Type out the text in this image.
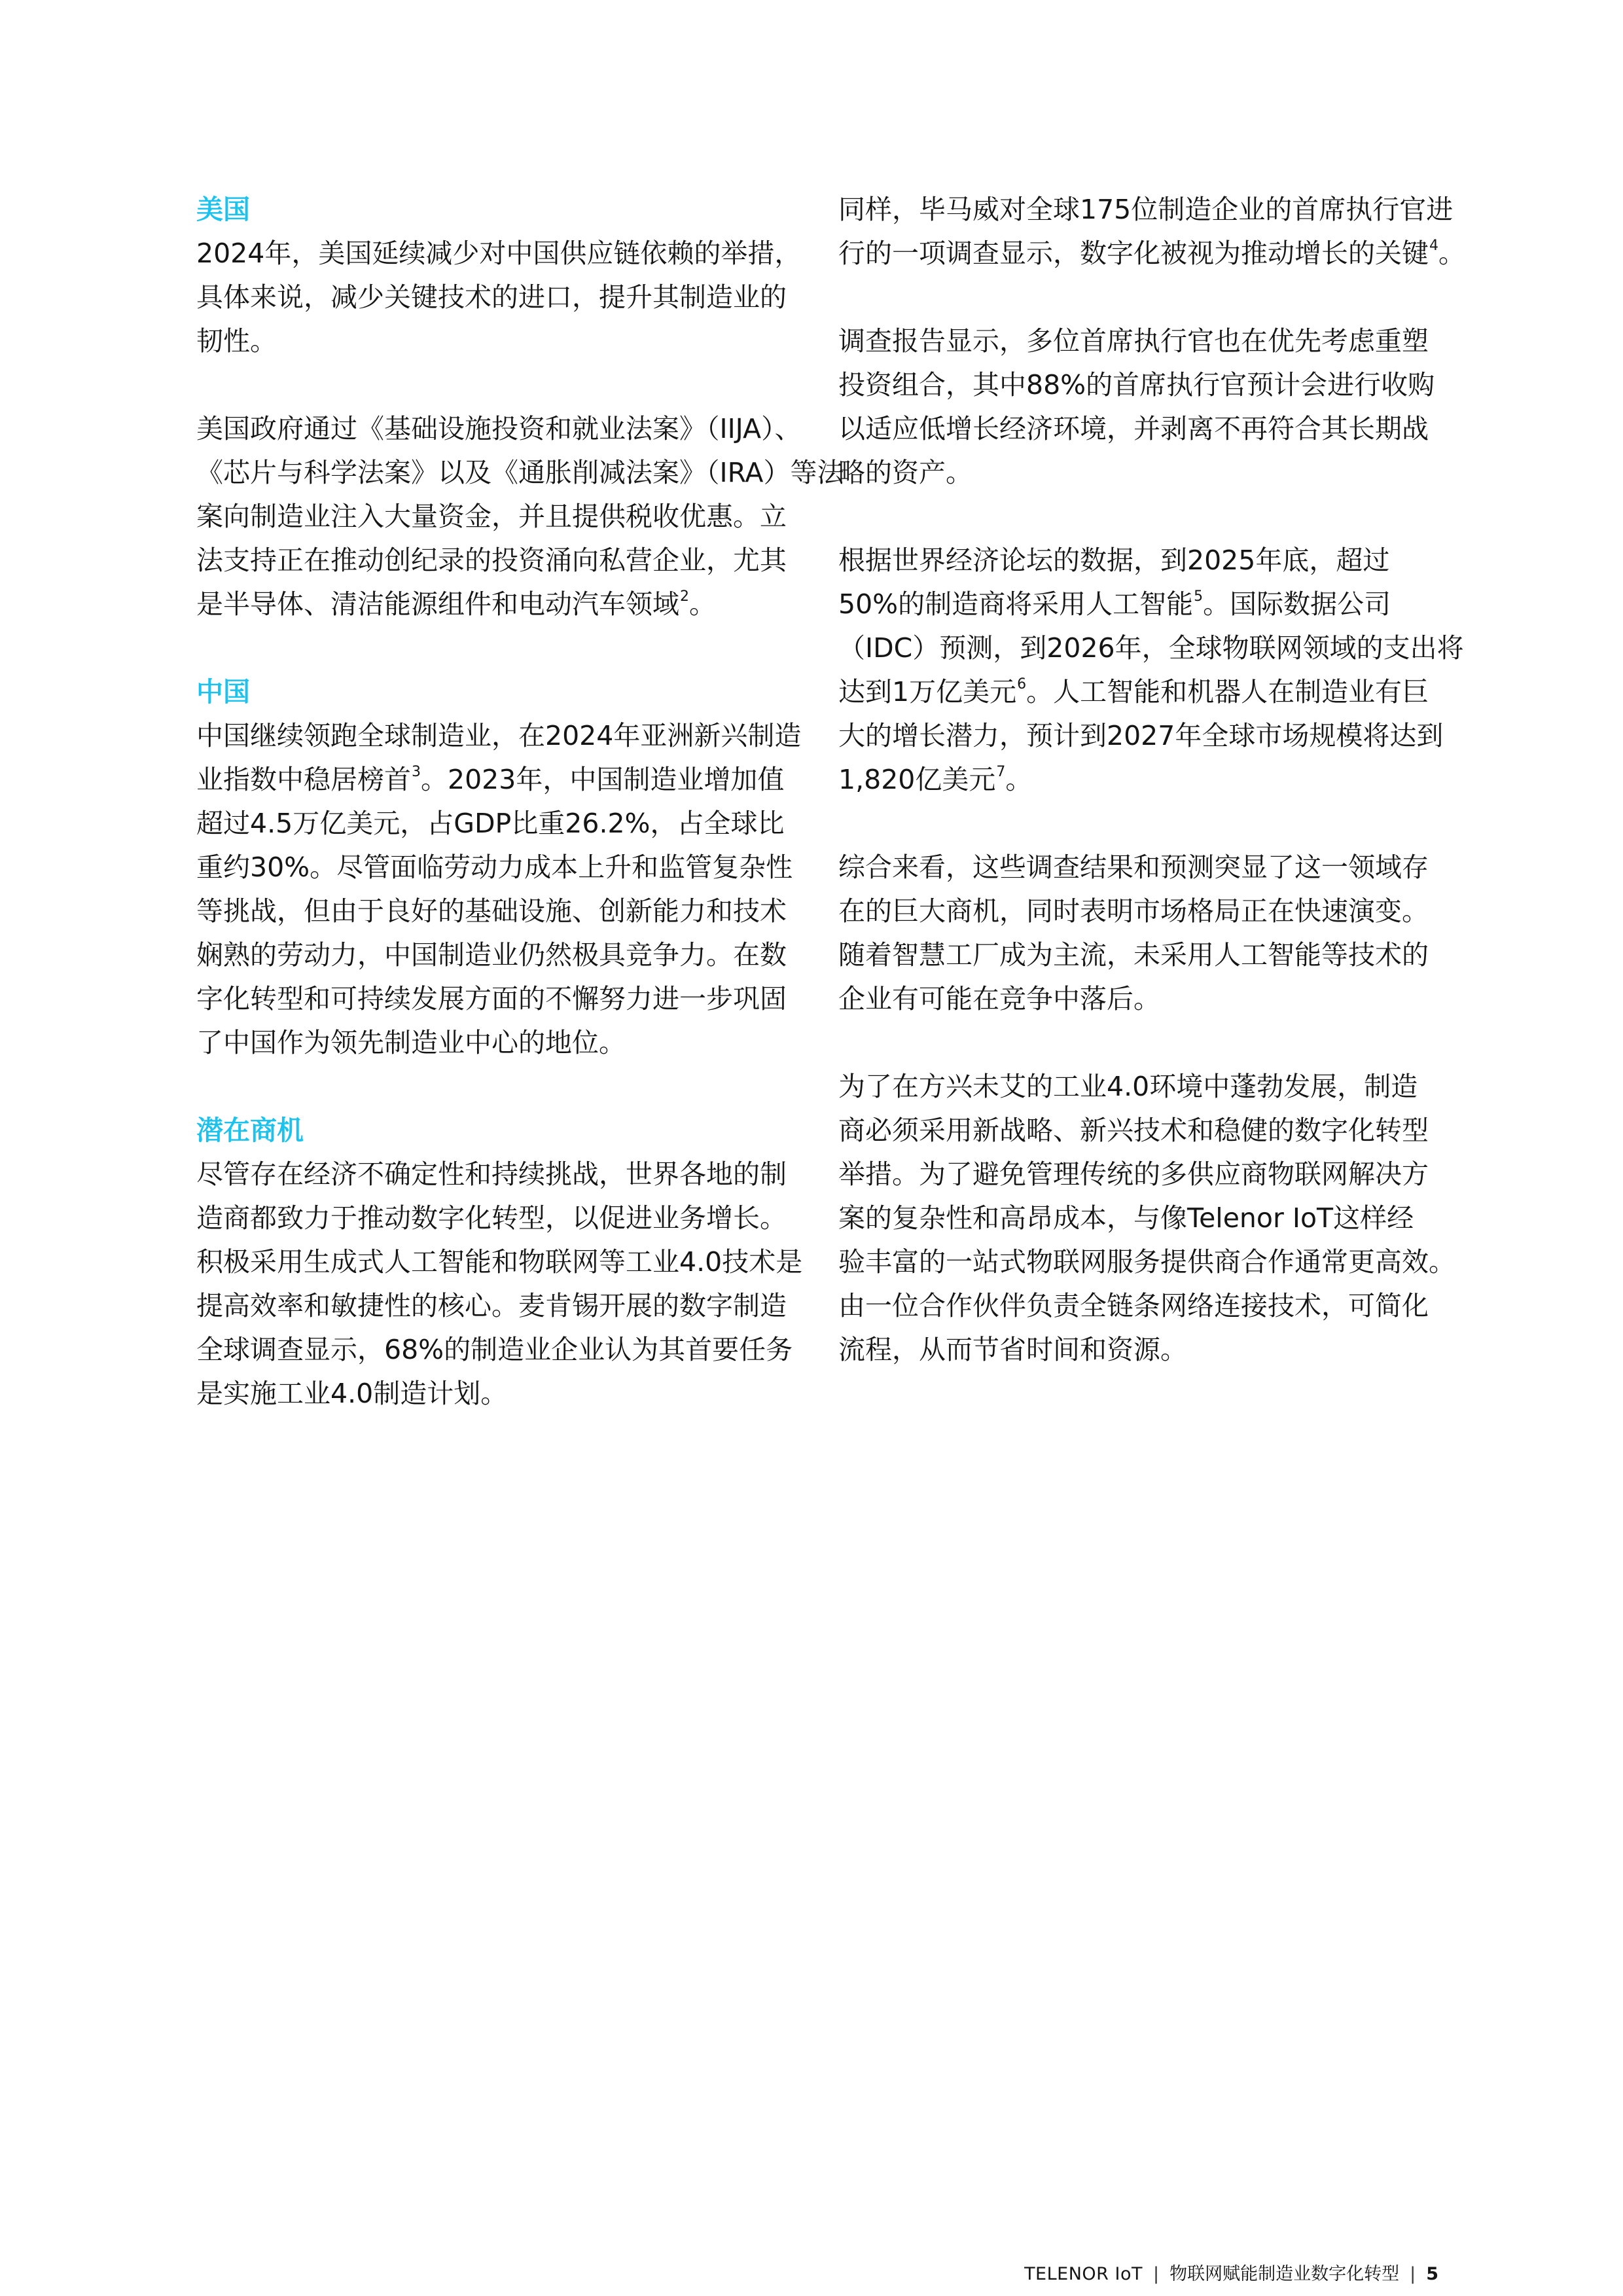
美国

2024年，美国延续减少对中国供应链依赖的举措，
具体来说，减少关键技术的进口，提升其制造业的
韧性。

美国政府通过《基础设施投资和就业法案》（IIJA）、
《芯片与科学法案》以及《通胀削减法案》（IRA）等法
案向制造业注入大量资金，并且提供税收优惠。立
法支持正在推动创纪录的投资涌向私营企业，尤其
是半导体、清洁能源组件和电动汽车领域$^2$。

中国

中国继续领跑全球制造业，在2024年亚洲新兴制造
业指数中稳居榜首$^3$。2023年，中国制造业增加值
超过4.5万亿美元，占GDP比重26.2%，占全球比
重约30%。尽管面临劳动力成本上升和监管复杂性
等挑战，但由于良好的基础设施、创新能力和技术
娴熟的劳动力，中国制造业仍然极具竞争力。在数
字化转型和可持续发展方面的不懈努力进一步巩固
了中国作为领先制造业中心的地位。

潜在商机

尽管存在经济不确定性和持续挑战，世界各地的制
造商都致力于推动数字化转型，以促进业务增长。
积极采用生成式人工智能和物联网等工业4.0技术是
提高效率和敏捷性的核心。麦肯锡开展的数字制造
全球调查显示，68%的制造业企业认为其首要任务
是实施工业4.0制造计划。

同样，毕马威对全球175位制造企业的首席执行官进
行的一项调查显示，数字化被视为推动增长的关键$^4$。

调查报告显示，多位首席执行官也在优先考虑重塑
投资组合，其中88%的首席执行官预计会进行收购
以适应低增长经济环境，并剥离不再符合其长期战
略的资产。

根据世界经济论坛的数据，到2025年底，超过
50%的制造商将采用人工智能$^5$。国际数据公司
（IDC）预测，到2026年，全球物联网领域的支出将
达到1万亿美元$^6$。人工智能和机器人在制造业有巨
大的增长潜力，预计到2027年全球市场规模将达到
1,820亿美元$^7$。

综合来看，这些调查结果和预测突显了这一领域存
在的巨大商机，同时表明市场格局正在快速演变。
随着智慧工厂成为主流，未采用人工智能等技术的
企业有可能在竞争中落后。

为了在方兴未艾的工业4.0环境中蓬勃发展，制造
商必须采用新战略、新兴技术和稳健的数字化转型
举措。为了避免管理传统的多供应商物联网解决方
案的复杂性和高昂成本，与像Telenor IoT这样经
验丰富的一站式物联网服务提供商合作通常更高效。
由一位合作伙伴负责全链条网络连接技术，可简化
流程，从而节省时间和资源。

TELENOR IoT | 物联网赋能制造业数字化转型 | 5
